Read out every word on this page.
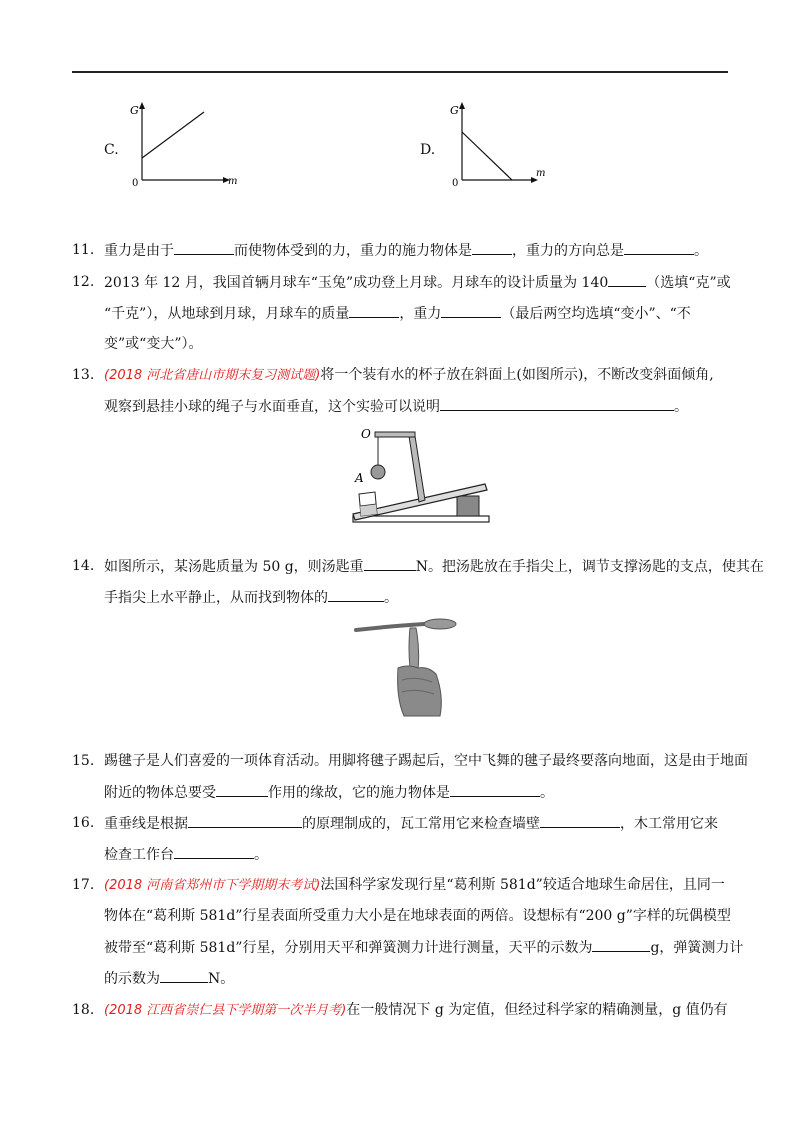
C.
G
m
0
D.
G
m
0
11. 重力是由于	而使物体受到的力，重力的施力物体是	，重力的方向总是	。
12. 2013 年 12 月，我国首辆月球车“玉兔”成功登上月球。月球车的设计质量为 140	（选填“克”或
“千克”），从地球到月球，月球车的质量	，重力	（最后两空均选填“变小”、“不
变”或“变大”）。
13. (2018 河北省唐山市期末复习测试题)将一个装有水的杯子放在斜面上(如图所示)，不断改变斜面倾角,
观察到悬挂小球的绳子与水面垂直，这个实验可以说明	。
O
A
14. 如图所示，某汤匙质量为 50 g，则汤匙重	N。把汤匙放在手指尖上，调节支撑汤匙的支点，使其在
手指尖上水平静止，从而找到物体的	。
15. 踢毽子是人们喜爱的一项体育活动。用脚将毽子踢起后，空中飞舞的毽子最终要落向地面，这是由于地面
附近的物体总要受	作用的缘故，它的施力物体是	。
16. 重垂线是根据	的原理制成的，瓦工常用它来检查墙壁	，木工常用它来
检查工作台	。
17. (2018 河南省郑州市下学期期末考试)法国科学家发现行星“葛利斯 581d”较适合地球生命居住，且同一
物体在“葛利斯 581d”行星表面所受重力大小是在地球表面的两倍。设想标有“200 g”字样的玩偶模型
被带至“葛利斯 581d”行星，分别用天平和弹簧测力计进行测量，天平的示数为	g，弹簧测力计
的示数为	N。
18. (2018 江西省崇仁县下学期第一次半月考)在一般情况下 g 为定值，但经过科学家的精确测量，g 值仍有
